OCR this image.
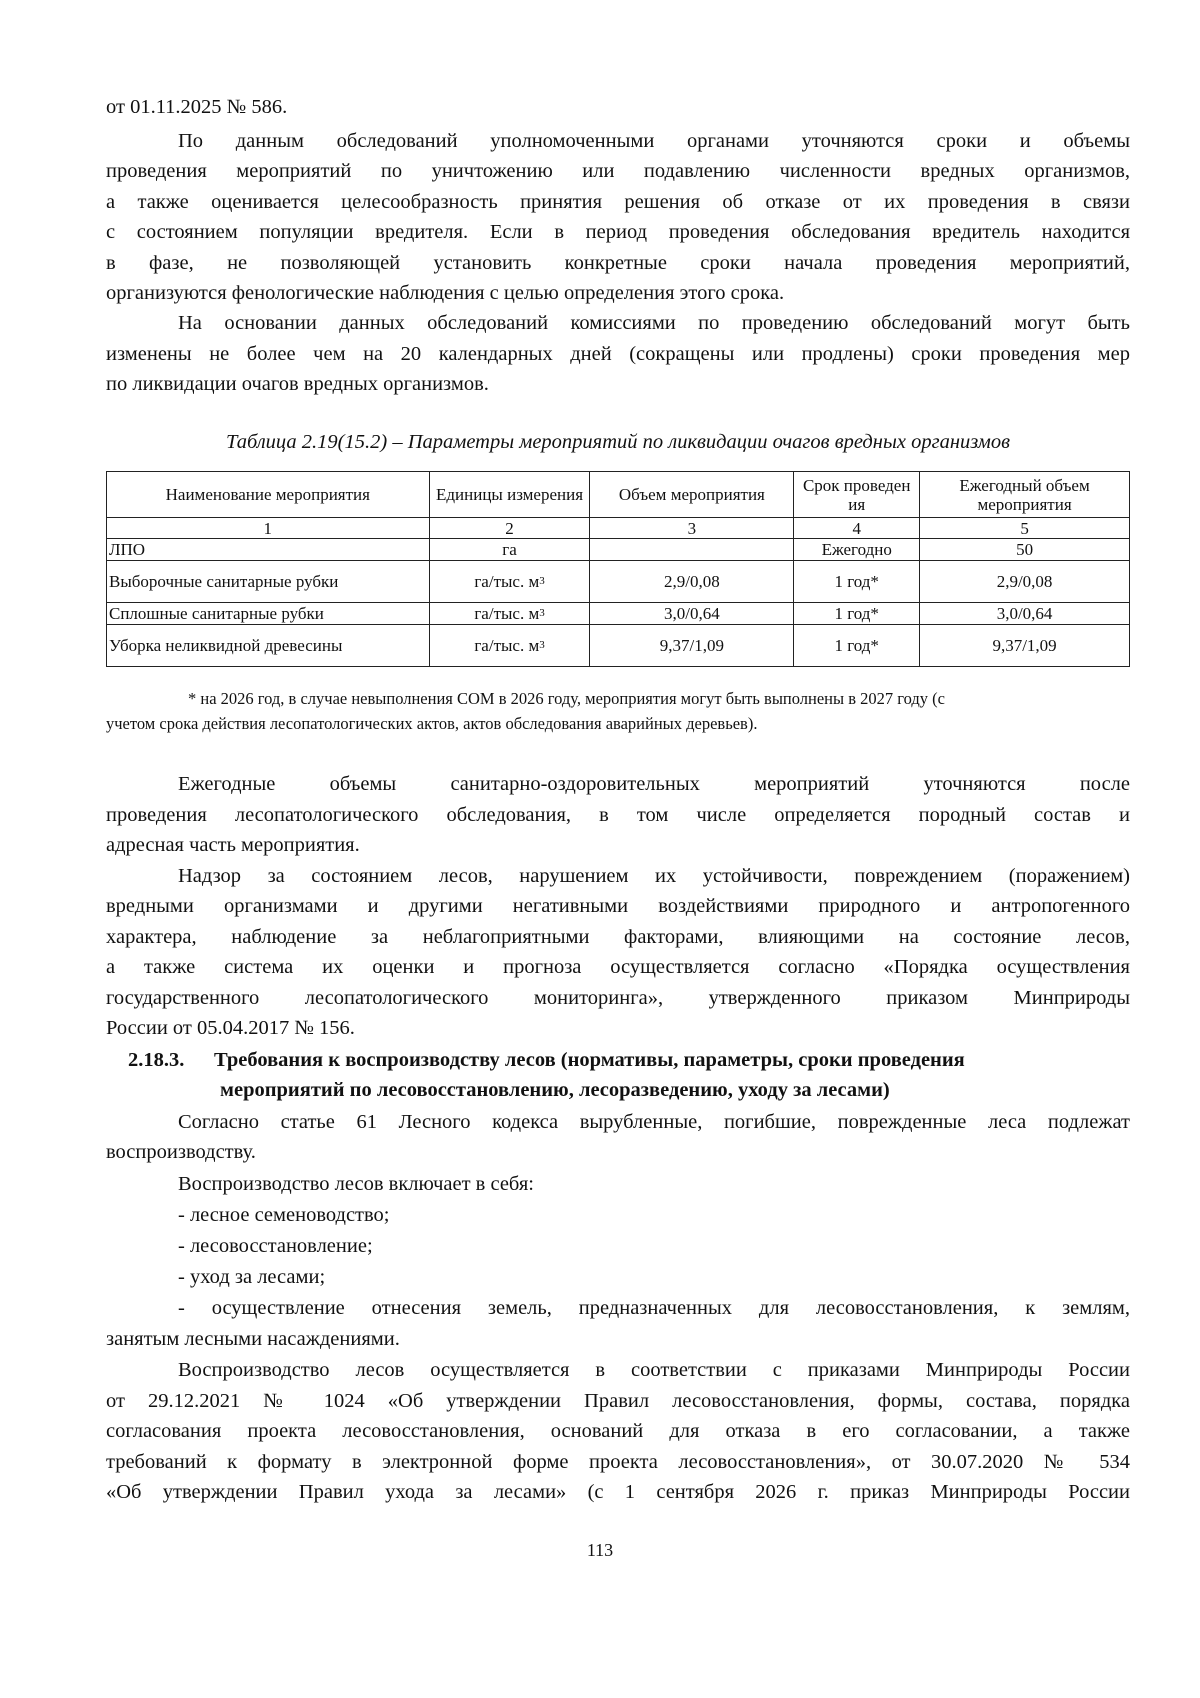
от 01.11.2025 № 586.
По данным обследований уполномоченными органами уточняются сроки и объемы
проведения мероприятий по уничтожению или подавлению численности вредных организмов,
а также оценивается целесообразность принятия решения об отказе от их проведения в связи
с состоянием популяции вредителя. Если в период проведения обследования вредитель находится
в фазе, не позволяющей установить конкретные сроки начала проведения мероприятий,
организуются фенологические наблюдения с целью определения этого срока.
На основании данных обследований комиссиями по проведению обследований могут быть
изменены не более чем на 20 календарных дней (сокращены или продлены) сроки проведения мер
по ликвидации очагов вредных организмов.
Таблица 2.19(15.2) – Параметры мероприятий по ликвидации очагов вредных организмов
Наименование мероприятия	Единицы измерения	Объем мероприятия	Срок проведен ия	Ежегодный объем мероприятия
1	2	3	4	5
ЛПО	га		Ежегодно	50
Выборочные санитарные рубки	га/тыс. $м^3$	2,9/0,08	1 год*	2,9/0,08
Сплошные санитарные рубки	га/тыс. $м^3$	3,0/0,64	1 год*	3,0/0,64
Уборка неликвидной древесины	га/тыс. $м^3$	9,37/1,09	1 год*	9,37/1,09
* на 2026 год, в случае невыполнения СОМ в 2026 году, мероприятия могут быть выполнены в 2027 году (с
учетом срока действия лесопатологических актов, актов обследования аварийных деревьев).
Ежегодные объемы санитарно-оздоровительных мероприятий уточняются после
проведения лесопатологического обследования, в том числе определяется породный состав и
адресная часть мероприятия.
Надзор за состоянием лесов, нарушением их устойчивости, повреждением (поражением)
вредными организмами и другими негативными воздействиями природного и антропогенного
характера, наблюдение за неблагоприятными факторами, влияющими на состояние лесов,
а также система их оценки и прогноза осуществляется согласно «Порядка осуществления
государственного лесопатологического мониторинга», утвержденного приказом Минприроды
России от 05.04.2017 № 156.
2.18.3. Требования к воспроизводству лесов (нормативы, параметры, сроки проведения
мероприятий по лесовосстановлению, лесоразведению, уходу за лесами)
Согласно статье 61 Лесного кодекса вырубленные, погибшие, поврежденные леса подлежат
воспроизводству.
Воспроизводство лесов включает в себя:
- лесное семеноводство;
- лесовосстановление;
- уход за лесами;
- осуществление отнесения земель, предназначенных для лесовосстановления, к землям,
занятым лесными насаждениями.
Воспроизводство лесов осуществляется в соответствии с приказами Минприроды России
от 29.12.2021 № 1024 «Об утверждении Правил лесовосстановления, формы, состава, порядка
согласования проекта лесовосстановления, оснований для отказа в его согласовании, а также
требований к формату в электронной форме проекта лесовосстановления», от 30.07.2020 № 534
«Об утверждении Правил ухода за лесами» (с 1 сентября 2026 г. приказ Минприроды России
113
